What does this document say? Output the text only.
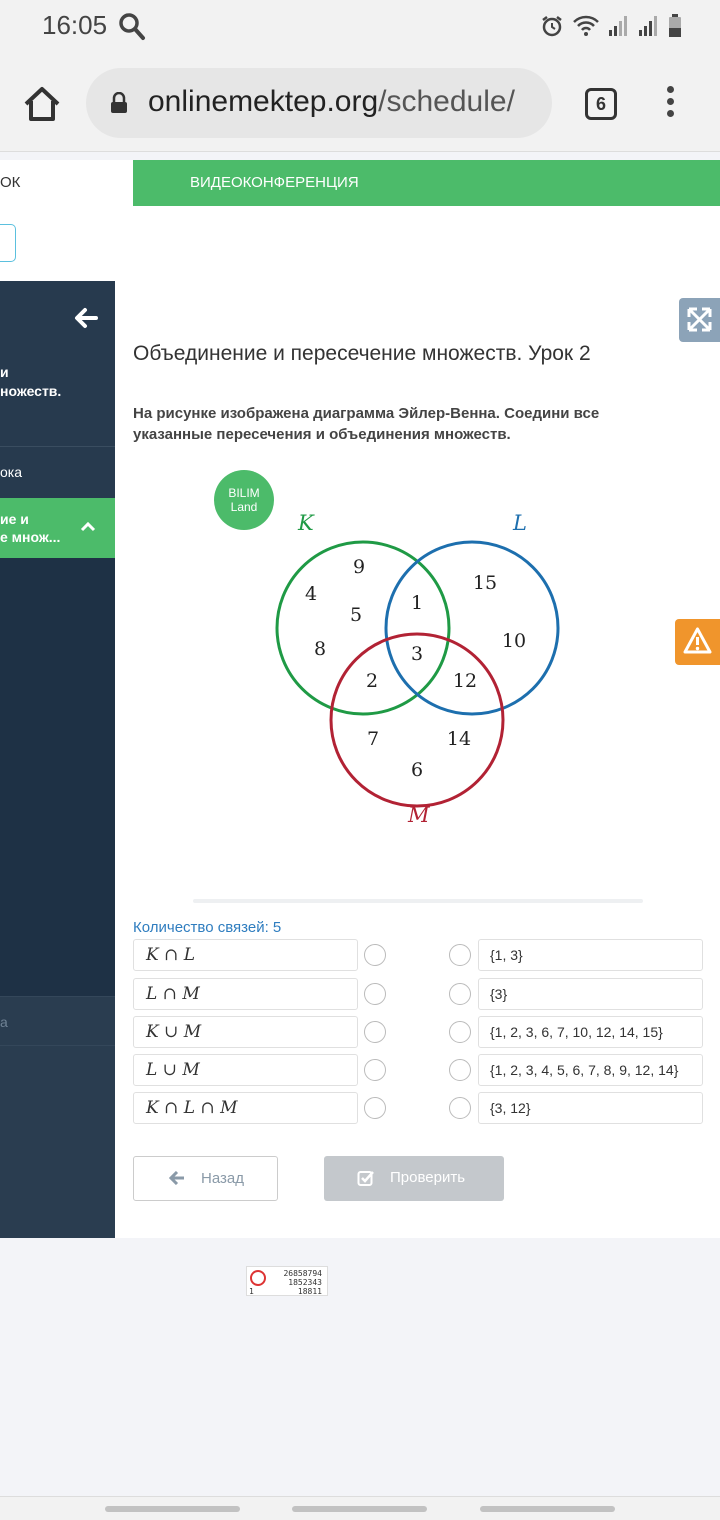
16:05
onlinemektep.org/schedule/	6
ОК	ВИДЕОКОНФЕРЕНЦИЯ
и
ножеств.
ока
ие и
е множ...
а
Объединение и пересечение множеств. Урок 2
На рисунке изображена диаграмма Эйлер-Венна. Соедини все указанные пересечения и объединения множеств.
BILIM
Land
K	L
M
9
4
5
1
8	3
2	12
15
10
7	14
6
Количество связей: 5
K ∩ L	{1, 3}
L ∩ M	{3}
K ∪ M	{1, 2, 3, 6, 7, 10, 12, 14, 15}
L ∪ M	{1, 2, 3, 4, 5, 6, 7, 8, 9, 12, 14}
K ∩ L ∩ M	{3, 12}
Назад	Проверить
26858794
1852343
18811
1
